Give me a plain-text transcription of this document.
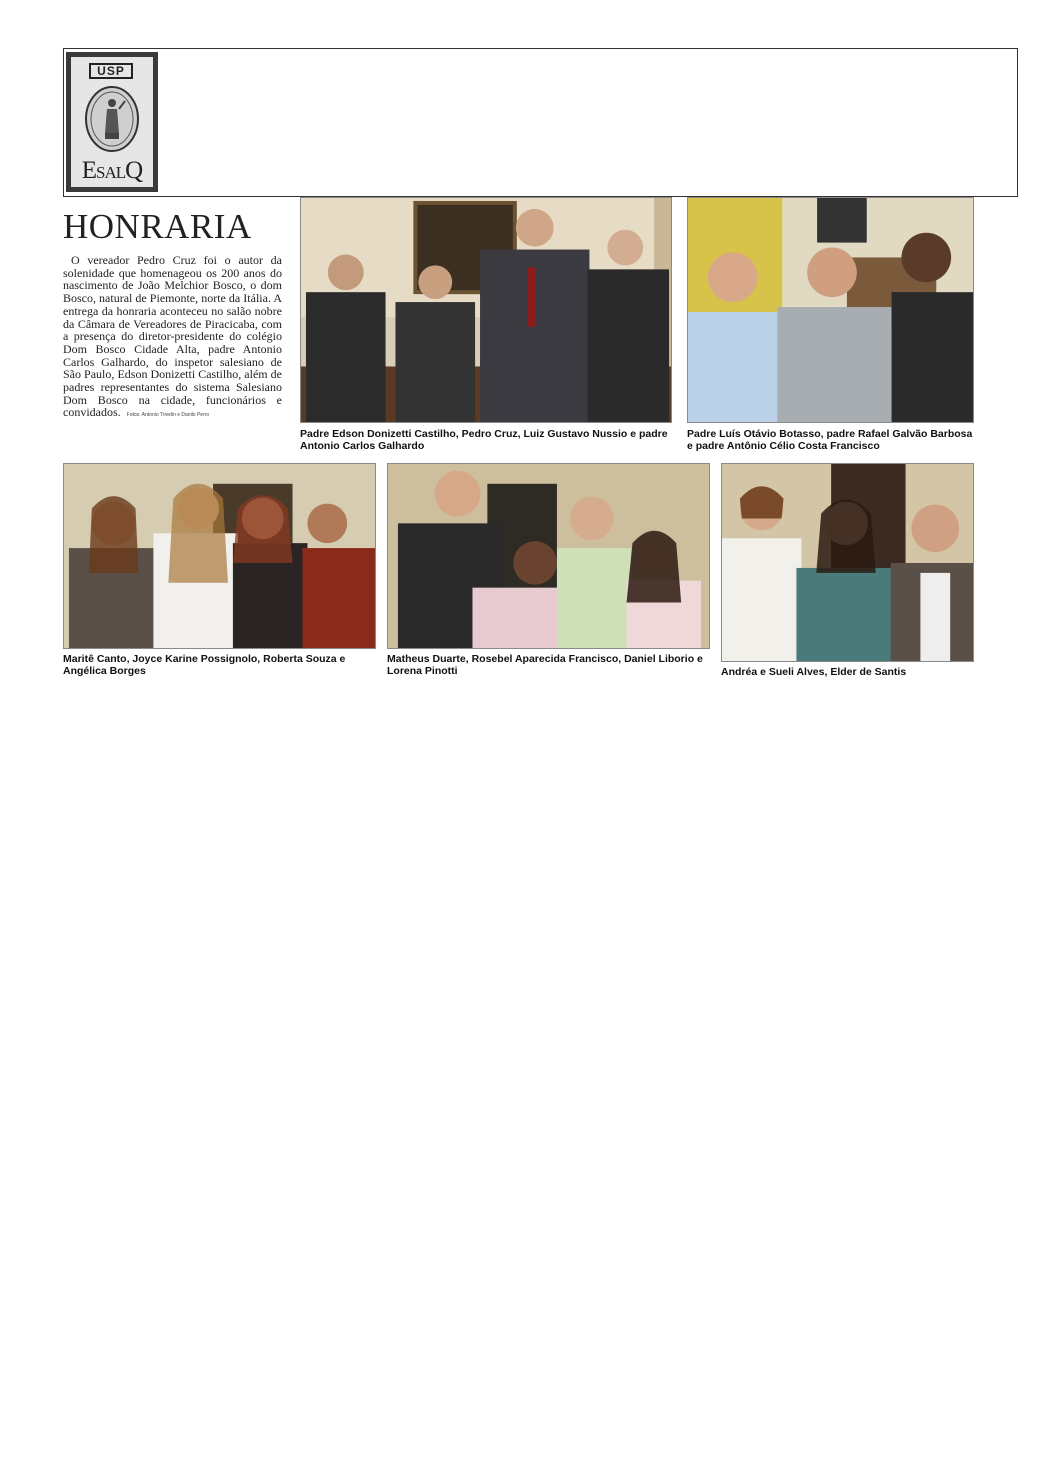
USP
ESALQ
HONRARIA

O vereador Pedro Cruz foi o autor da solenidade que homenageou os 200 anos do nascimento de João Melchior Bosco, o dom Bosco, natural de Piemonte, norte da Itália. A entrega da honraria aconteceu no salão nobre da Câmara de Vereadores de Piracicaba, com a presença do diretor-presidente do colégio Dom Bosco Cidade Alta, padre Antonio Carlos Galhardo, do inspetor salesiano de São Paulo, Edson Donizetti Castilho, além de padres representantes do sistema Salesiano Dom Bosco na cidade, funcionários e convidados. Fotos: Antonio Trivelin e Danilo Perro

Padre Edson Donizetti Castilho, Pedro Cruz, Luiz Gustavo Nussio e padre Antonio Carlos Galhardo

Padre Luís Otávio Botasso, padre Rafael Galvão Barbosa e padre Antônio Célio Costa Francisco

Maritê Canto, Joyce Karine Possignolo, Roberta Souza e Angélica Borges

Matheus Duarte, Rosebel Aparecida Francisco, Daniel Liborio e Lorena Pinotti	Andréa e Sueli Alves, Elder de Santis
